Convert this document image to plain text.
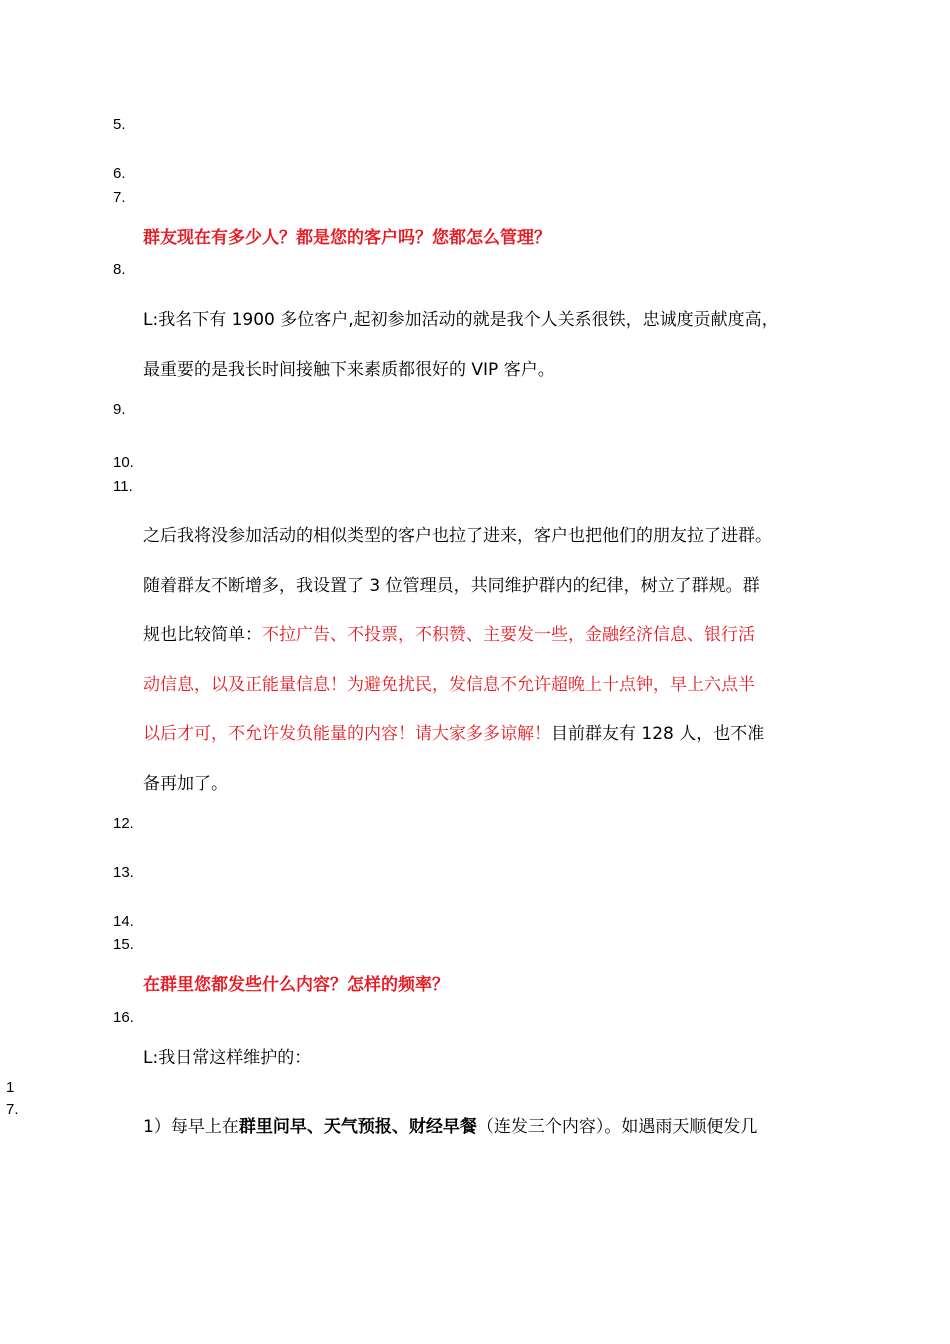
5.
6.
7.
群友现在有多少人？都是您的客户吗？您都怎么管理？
8.
L:我名下有 1900 多位客户,起初参加活动的就是我个人关系很铁，忠诚度贡献度高，
最重要的是我长时间接触下来素质都很好的 VIP 客户。
9.
10.
11.
之后我将没参加活动的相似类型的客户也拉了进来，客户也把他们的朋友拉了进群。
随着群友不断增多，我设置了 3 位管理员，共同维护群内的纪律，树立了群规。群
规也比较简单：不拉广告、不投票，不积赞、主要发一些，金融经济信息、银行活
动信息，以及正能量信息！为避免扰民，发信息不允许超晚上十点钟，早上六点半
以后才可，不允许发负能量的内容！请大家多多谅解！目前群友有 128 人，也不准
备再加了。
12.
13.
14.
15.
在群里您都发些什么内容？怎样的频率？
16.
L:我日常这样维护的：
1
7.
1）每早上在群里问早、天气预报、财经早餐（连发三个内容）。如遇雨天顺便发几
